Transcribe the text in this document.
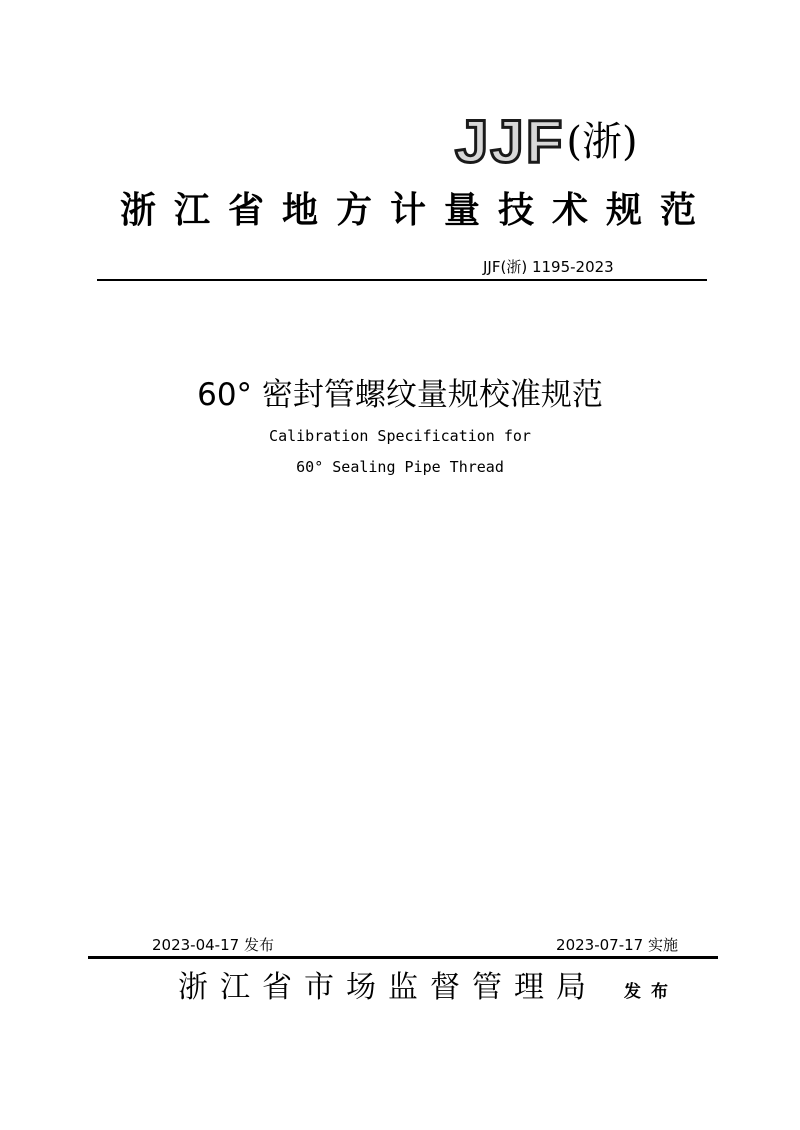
JJF (浙)
浙江省地方计量技术规范
JJF(浙) 1195-2023
60° 密封管螺纹量规校准规范
Calibration Specification for
60° Sealing Pipe Thread
2023-04-17 发布	2023-07-17 实施
浙江省市场监督管理局 发布
